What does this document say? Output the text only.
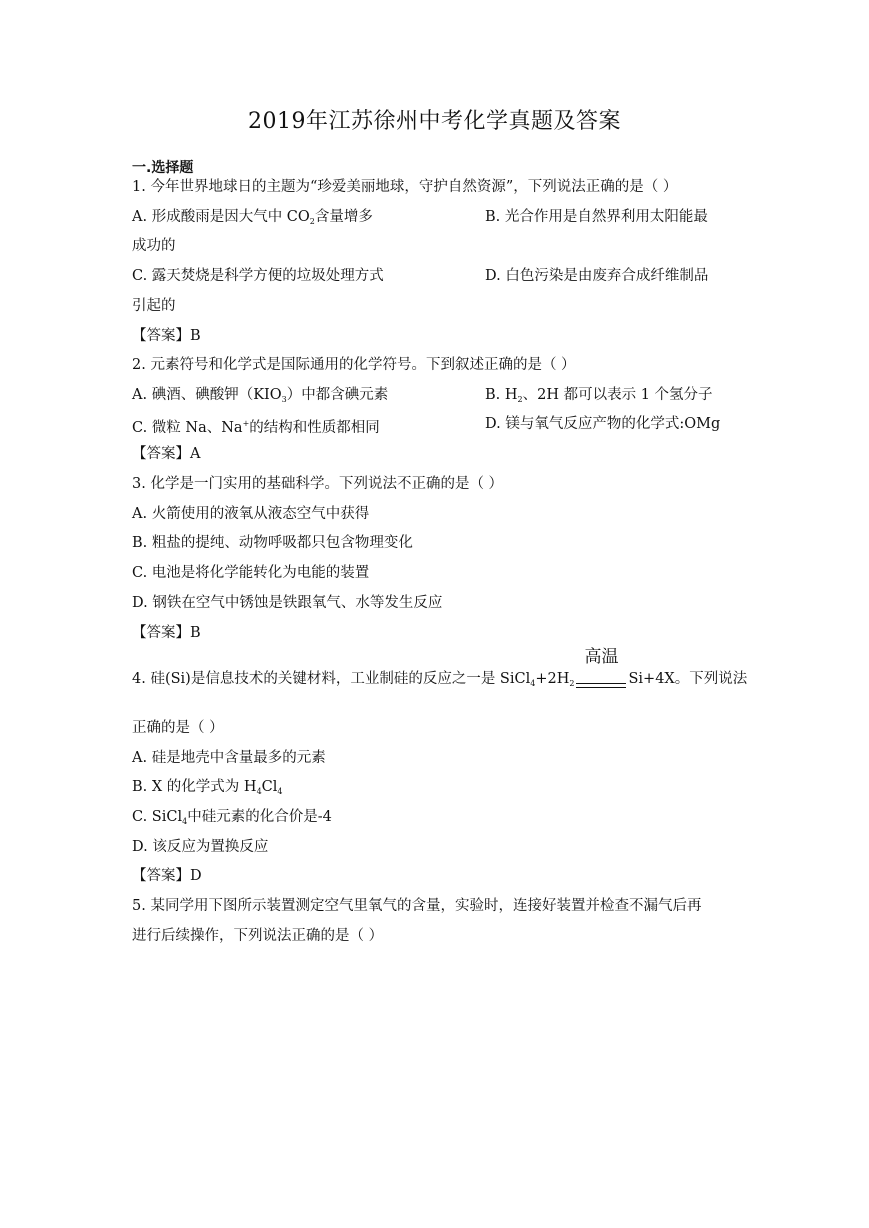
2019年江苏徐州中考化学真题及答案
一.选择题
1. 今年世界地球日的主题为“珍爱美丽地球，守护自然资源”，下列说法正确的是（ ）
A. 形成酸雨是因大气中 $CO_2$含量增多	B. 光合作用是自然界利用太阳能最
成功的
C. 露天焚烧是科学方便的垃圾处理方式	D. 白色污染是由废弃合成纤维制品
引起的
【答案】B
2. 元素符号和化学式是国际通用的化学符号。下到叙述正确的是（ ）
A. 碘酒、碘酸钾$(KIO_3)$中都含碘元素	B. $H_2$、2H 都可以表示 1 个氢分子
C. 微粒 Na、Na+的结构和性质都相同	D. 镁与氧气反应产物的化学式:OMg
【答案】A
3. 化学是一门实用的基础科学。下列说法不正确的是（ ）
A. 火箭使用的液氧从液态空气中获得
B. 粗盐的提纯、动物呼吸都只包含物理变化
C. 电池是将化学能转化为电能的装置
D. 钢铁在空气中锈蚀是铁跟氧气、水等发生反应
【答案】B
4. 硅(Si)是信息技术的关键材料，工业制硅的反应之一是 $SiCl_4+2H_2$
高温
Si+4X。下列说法
正确的是（ ）
A. 硅是地壳中含量最多的元素
B. X 的化学式为 $H_4Cl_4$
C. SiCl$_4$中硅元素的化合价是-4
D. 该反应为置换反应
【答案】D
5. 某同学用下图所示装置测定空气里氧气的含量，实验时，连接好装置并检查不漏气后再
进行后续操作，下列说法正确的是（ ）
